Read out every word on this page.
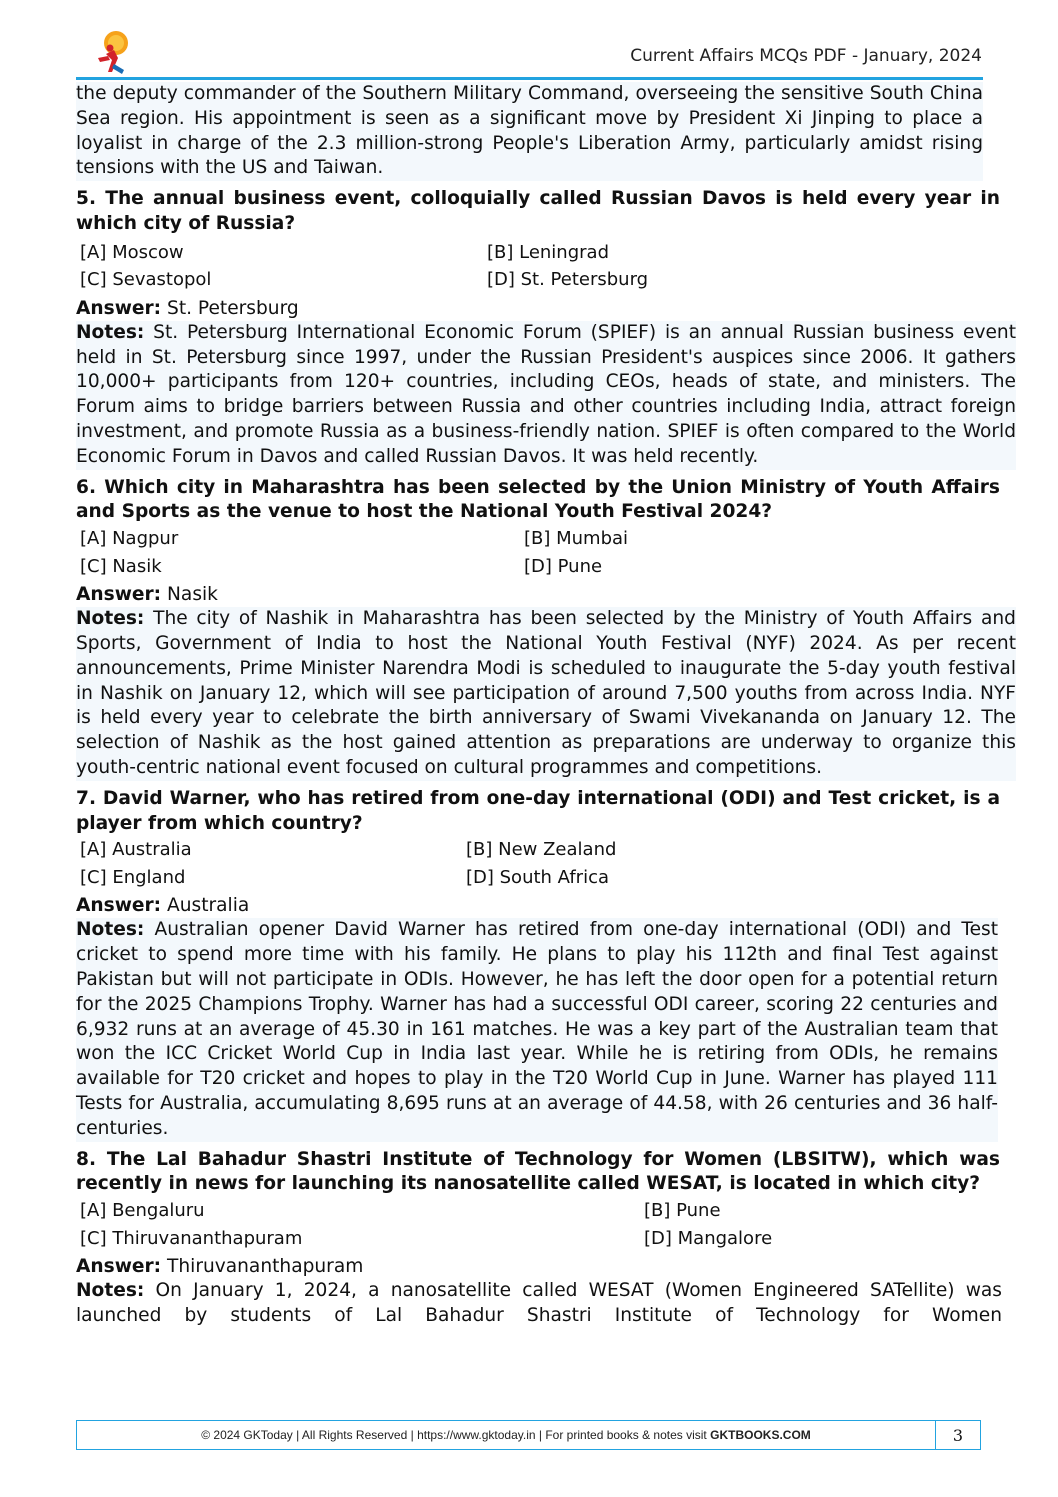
Current Affairs MCQs PDF - January, 2024

the deputy commander of the Southern Military Command, overseeing the sensitive South China Sea region. His appointment is seen as a significant move by President Xi Jinping to place a loyalist in charge of the 2.3 million-strong People's Liberation Army, particularly amidst rising tensions with the US and Taiwan.

5. The annual business event, colloquially called Russian Davos is held every year in which city of Russia?

[A] Moscow	[B] Leningrad
[C] Sevastopol	[D] St. Petersburg

Answer: St. Petersburg

Notes: St. Petersburg International Economic Forum (SPIEF) is an annual Russian business event held in St. Petersburg since 1997, under the Russian President's auspices since 2006. It gathers 10,000+ participants from 120+ countries, including CEOs, heads of state, and ministers. The Forum aims to bridge barriers between Russia and other countries including India, attract foreign investment, and promote Russia as a business-friendly nation. SPIEF is often compared to the World Economic Forum in Davos and called Russian Davos. It was held recently.

6. Which city in Maharashtra has been selected by the Union Ministry of Youth Affairs and Sports as the venue to host the National Youth Festival 2024?

[A] Nagpur	[B] Mumbai
[C] Nasik	[D] Pune

Answer: Nasik

Notes: The city of Nashik in Maharashtra has been selected by the Ministry of Youth Affairs and Sports, Government of India to host the National Youth Festival (NYF) 2024. As per recent announcements, Prime Minister Narendra Modi is scheduled to inaugurate the 5-day youth festival in Nashik on January 12, which will see participation of around 7,500 youths from across India. NYF is held every year to celebrate the birth anniversary of Swami Vivekananda on January 12. The selection of Nashik as the host gained attention as preparations are underway to organize this youth-centric national event focused on cultural programmes and competitions.

7. David Warner, who has retired from one-day international (ODI) and Test cricket, is a player from which country?

[A] Australia	[B] New Zealand
[C] England	[D] South Africa

Answer: Australia

Notes: Australian opener David Warner has retired from one-day international (ODI) and Test cricket to spend more time with his family. He plans to play his 112th and final Test against Pakistan but will not participate in ODIs. However, he has left the door open for a potential return for the 2025 Champions Trophy. Warner has had a successful ODI career, scoring 22 centuries and 6,932 runs at an average of 45.30 in 161 matches. He was a key part of the Australian team that won the ICC Cricket World Cup in India last year. While he is retiring from ODIs, he remains available for T20 cricket and hopes to play in the T20 World Cup in June. Warner has played 111 Tests for Australia, accumulating 8,695 runs at an average of 44.58, with 26 centuries and 36 half-centuries.

8. The Lal Bahadur Shastri Institute of Technology for Women (LBSITW), which was recently in news for launching its nanosatellite called WESAT, is located in which city?

[A] Bengaluru	[B] Pune
[C] Thiruvananthapuram	[D] Mangalore

Answer: Thiruvananthapuram

Notes: On January 1, 2024, a nanosatellite called WESAT (Women Engineered SATellite) was launched by students of Lal Bahadur Shastri Institute of Technology for Women

© 2024 GKToday | All Rights Reserved | https://www.gktoday.in | For printed books & notes visit GKTBOOKS.COM	3
